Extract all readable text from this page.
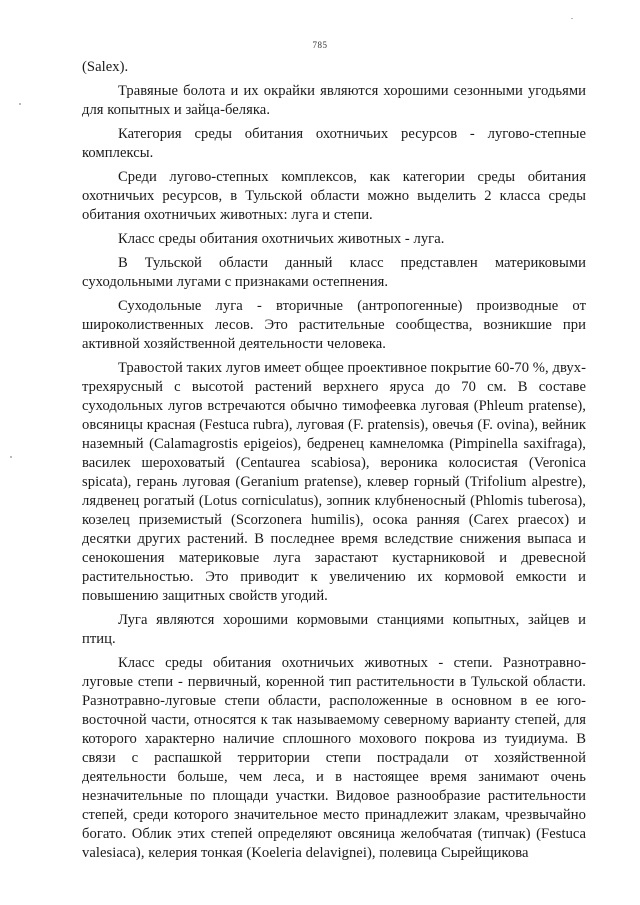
785

(Salex).

Травяные болота и их окрайки являются хорошими сезонными угодьями для копытных и зайца-беляка.

Категория среды обитания охотничьих ресурсов - лугово-степные комплексы.

Среди лугово-степных комплексов, как категории среды обитания охотничьих ресурсов, в Тульской области можно выделить 2 класса среды обитания охотничьих животных: луга и степи.

Класс среды обитания охотничьих животных - луга.

В Тульской области данный класс представлен материковыми суходольными лугами с признаками остепнения.

Суходольные луга - вторичные (антропогенные) производные от широколиственных лесов. Это растительные сообщества, возникшие при активной хозяйственной деятельности человека.

Травостой таких лугов имеет общее проективное покрытие 60-70 %, двух-трехярусный с высотой растений верхнего яруса до 70 см. В составе суходольных лугов встречаются обычно тимофеевка луговая (Phleum pratense), овсяницы красная (Festuca rubra), луговая (F. pratensis), овечья (F. ovina), вейник наземный (Calamagrostis epigeios), бедренец камнеломка (Pimpinella saxifraga), василек шероховатый (Centaurea scabiosa), вероника колосистая (Veronica spicata), герань луговая (Geranium pratense), клевер горный (Trifolium alpestre), лядвенец рогатый (Lotus corniculatus), зопник клубненосный (Phlomis tuberosa), козелец приземистый (Scorzonera humilis), осока ранняя (Carex praecox) и десятки других растений. В последнее время вследствие снижения выпаса и сенокошения материковые луга зарастают кустарниковой и древесной растительностью. Это приводит к увеличению их кормовой емкости и повышению защитных свойств угодий.

Луга являются хорошими кормовыми станциями копытных, зайцев и птиц.

Класс среды обитания охотничьих животных - степи. Разнотравно-луговые степи - первичный, коренной тип растительности в Тульской области. Разнотравно-луговые степи области, расположенные в основном в ее юго-восточной части, относятся к так называемому северному варианту степей, для которого характерно наличие сплошного мохового покрова из туидиума. В связи с распашкой территории степи пострадали от хозяйственной деятельности больше, чем леса, и в настоящее время занимают очень незначительные по площади участки. Видовое разнообразие растительности степей, среди которого значительное место принадлежит злакам, чрезвычайно богато. Облик этих степей определяют овсяница желобчатая (типчак) (Festuca valesiaca), келерия тонкая (Koeleria delavignei), полевица Сырейщикова
